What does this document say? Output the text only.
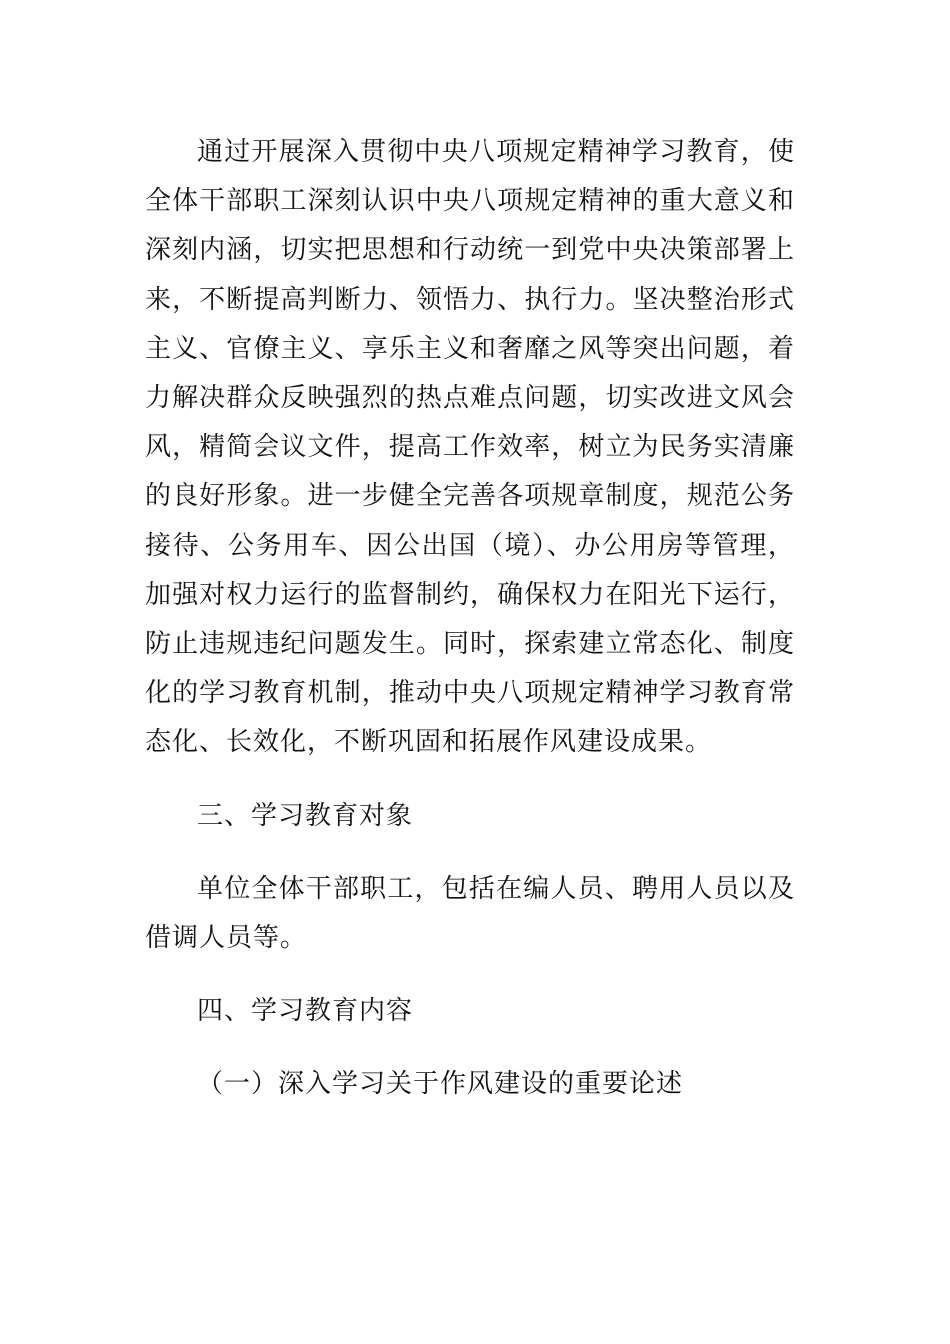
通过开展深入贯彻中央八项规定精神学习教育，使全体干部职工深刻认识中央八项规定精神的重大意义和深刻内涵，切实把思想和行动统一到党中央决策部署上来，不断提高判断力、领悟力、执行力。坚决整治形式主义、官僚主义、享乐主义和奢靡之风等突出问题，着力解决群众反映强烈的热点难点问题，切实改进文风会风，精简会议文件，提高工作效率，树立为民务实清廉的良好形象。进一步健全完善各项规章制度，规范公务接待、公务用车、因公出国（境）、办公用房等管理，加强对权力运行的监督制约，确保权力在阳光下运行，防止违规违纪问题发生。同时，探索建立常态化、制度化的学习教育机制，推动中央八项规定精神学习教育常态化、长效化，不断巩固和拓展作风建设成果。

三、学习教育对象

单位全体干部职工，包括在编人员、聘用人员以及借调人员等。

四、学习教育内容

（一）深入学习关于作风建设的重要论述
